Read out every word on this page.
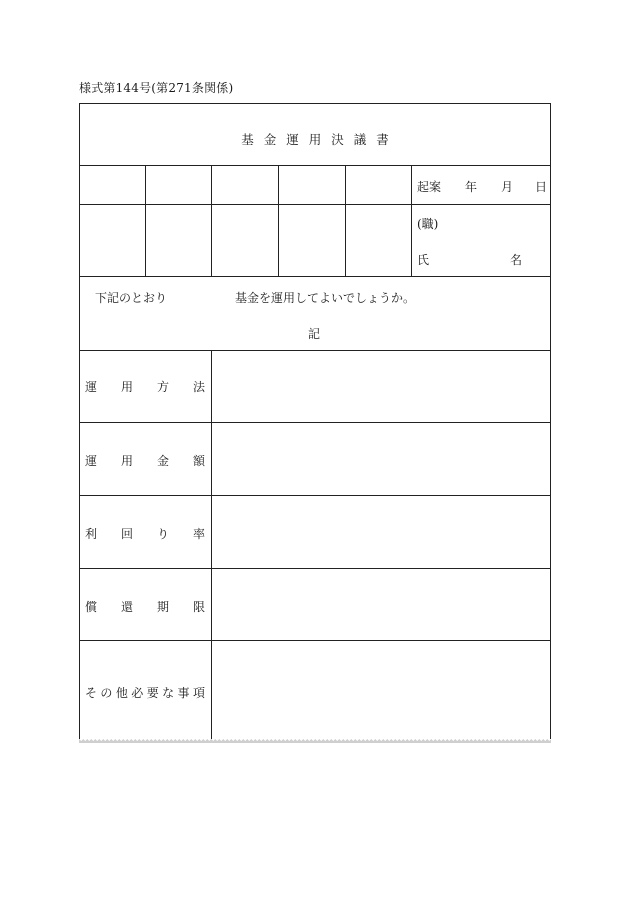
様式第144号(第271条関係)
基金運用決議書
起案 年 月 日
(職)
氏	名
下記のとおり	基金を運用してよいでしょうか。
記
運 用 方 法
運 用 金 額
利 回 り 率
償 還 期 限
そ の 他 必 要 な 事 項
